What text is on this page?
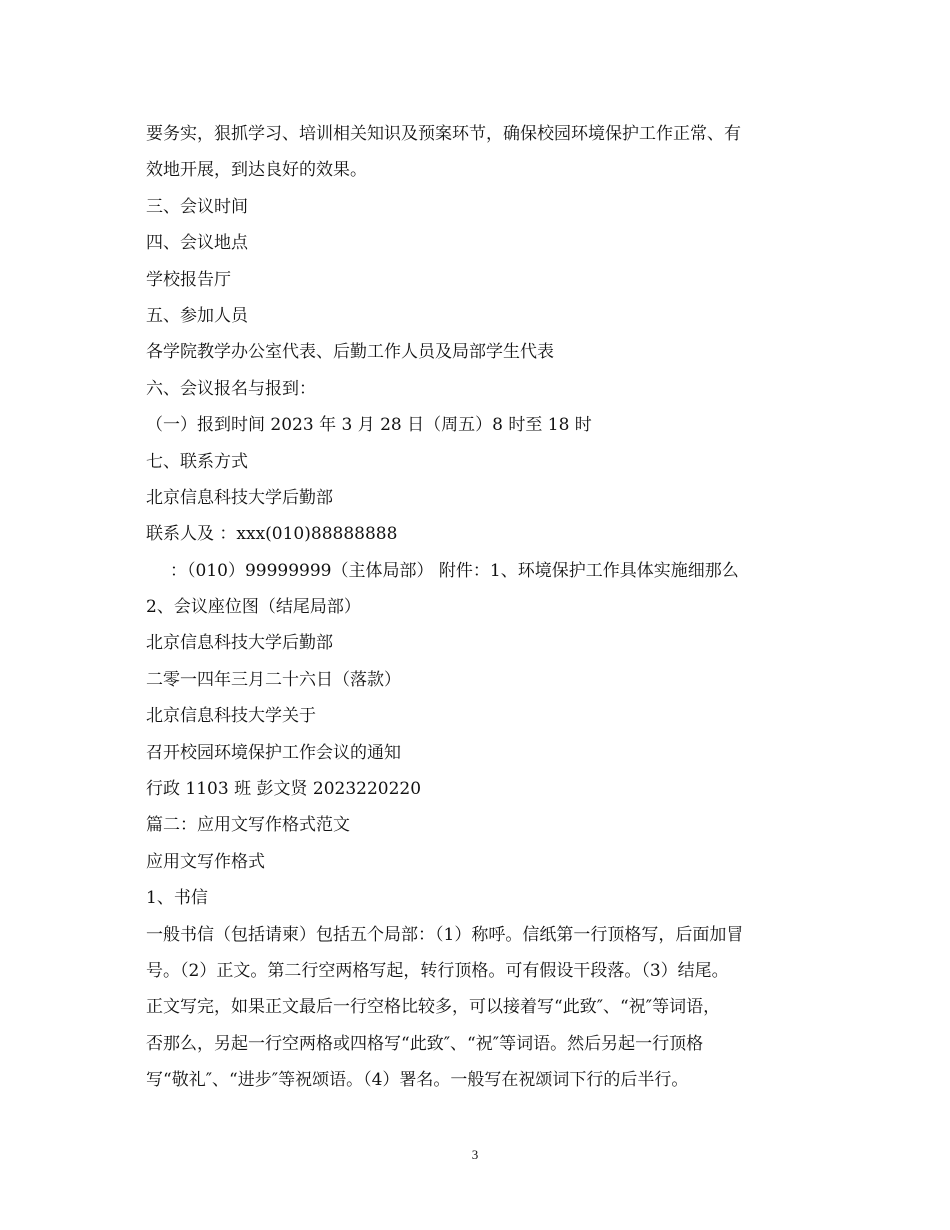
要务实，狠抓学习、培训相关知识及预案环节，确保校园环境保护工作正常、有
效地开展，到达良好的效果。
三、会议时间
四、会议地点
学校报告厅
五、参加人员
各学院教学办公室代表、后勤工作人员及局部学生代表
六、会议报名与报到：
（一）报到时间 2023 年 3 月 28 日（周五）8 时至 18 时
七、联系方式
北京信息科技大学后勤部
联系人及 ：xxx(010)88888888
：（010）99999999（主体局部） 附件：1、环境保护工作具体实施细那么
2、会议座位图（结尾局部）
北京信息科技大学后勤部
二零一四年三月二十六日（落款）
北京信息科技大学关于
召开校园环境保护工作会议的通知
行政 1103 班 彭文贤 2023220220
篇二：应用文写作格式范文
应用文写作格式
1、书信
一般书信（包括请柬）包括五个局部：（1）称呼。信纸第一行顶格写，后面加冒
号。（2）正文。第二行空两格写起，转行顶格。可有假设干段落。（3）结尾。
正文写完，如果正文最后一行空格比较多，可以接着写“此致″、“祝″等词语，
否那么，另起一行空两格或四格写“此致″、“祝″等词语。然后另起一行顶格
写“敬礼″、“进步″等祝颂语。（4）署名。一般写在祝颂词下行的后半行。
3
